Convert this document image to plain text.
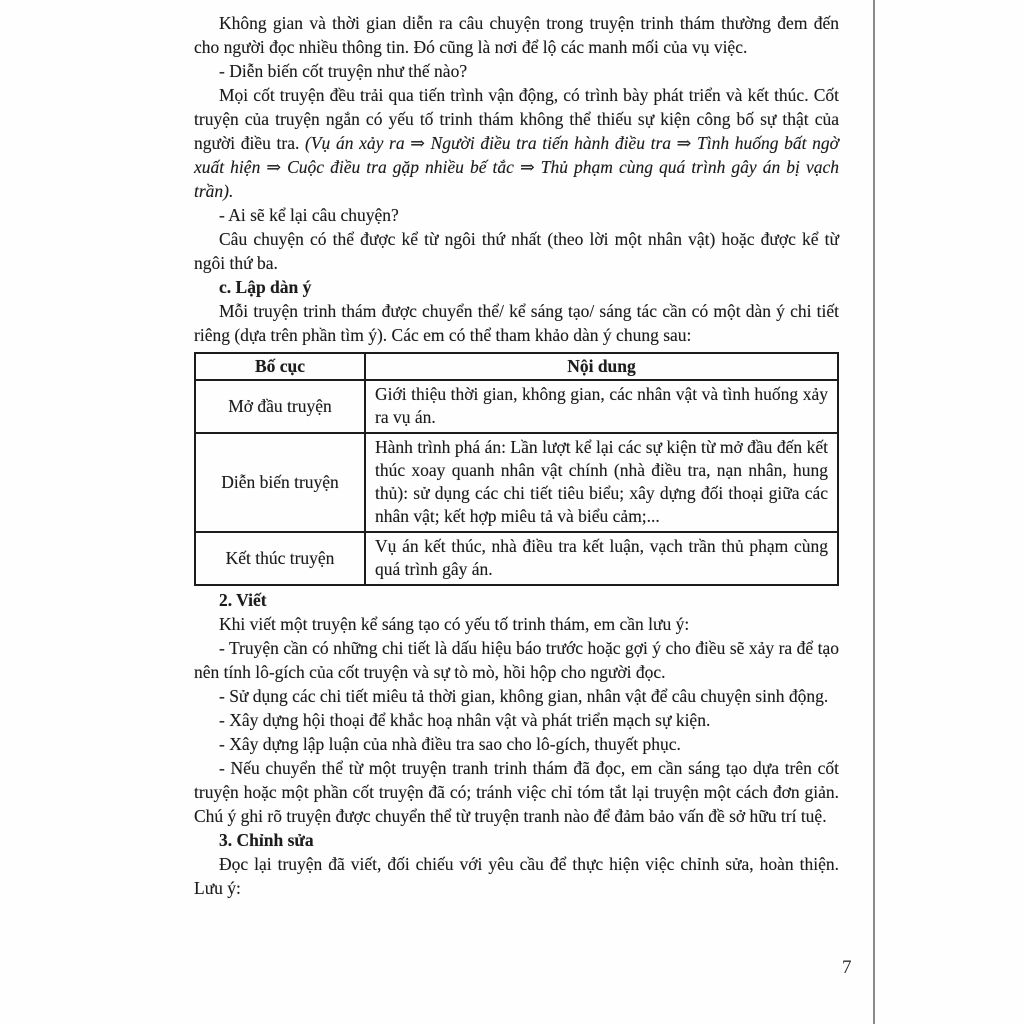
Không gian và thời gian diễn ra câu chuyện trong truyện trinh thám thường đem đến cho người đọc nhiều thông tin. Đó cũng là nơi để lộ các manh mối của vụ việc.

- Diễn biến cốt truyện như thế nào?

Mọi cốt truyện đều trải qua tiến trình vận động, có trình bày phát triển và kết thúc. Cốt truyện của truyện ngắn có yếu tố trinh thám không thể thiếu sự kiện công bố sự thật của người điều tra. (Vụ án xảy ra ⇒ Người điều tra tiến hành điều tra ⇒ Tình huống bất ngờ xuất hiện ⇒ Cuộc điều tra gặp nhiều bế tắc ⇒ Thủ phạm cùng quá trình gây án bị vạch trần).

- Ai sẽ kể lại câu chuyện?

Câu chuyện có thể được kể từ ngôi thứ nhất (theo lời một nhân vật) hoặc được kể từ ngôi thứ ba.

c. Lập dàn ý

Mỗi truyện trinh thám được chuyển thể/ kể sáng tạo/ sáng tác cần có một dàn ý chi tiết riêng (dựa trên phần tìm ý). Các em có thể tham khảo dàn ý chung sau:

Bố cục	Nội dung
Mở đầu truyện	Giới thiệu thời gian, không gian, các nhân vật và tình huống xảy ra vụ án.
Diễn biến truyện	Hành trình phá án: Lần lượt kể lại các sự kiện từ mở đầu đến kết thúc xoay quanh nhân vật chính (nhà điều tra, nạn nhân, hung thủ): sử dụng các chi tiết tiêu biểu; xây dựng đối thoại giữa các nhân vật; kết hợp miêu tả và biểu cảm;...
Kết thúc truyện	Vụ án kết thúc, nhà điều tra kết luận, vạch trần thủ phạm cùng quá trình gây án.

2. Viết

Khi viết một truyện kể sáng tạo có yếu tố trinh thám, em cần lưu ý:

- Truyện cần có những chi tiết là dấu hiệu báo trước hoặc gợi ý cho điều sẽ xảy ra để tạo nên tính lô-gích của cốt truyện và sự tò mò, hồi hộp cho người đọc.

- Sử dụng các chi tiết miêu tả thời gian, không gian, nhân vật để câu chuyện sinh động.

- Xây dựng hội thoại để khắc hoạ nhân vật và phát triển mạch sự kiện.

- Xây dựng lập luận của nhà điều tra sao cho lô-gích, thuyết phục.

- Nếu chuyển thể từ một truyện tranh trinh thám đã đọc, em cần sáng tạo dựa trên cốt truyện hoặc một phần cốt truyện đã có; tránh việc chỉ tóm tắt lại truyện một cách đơn giản. Chú ý ghi rõ truyện được chuyển thể từ truyện tranh nào để đảm bảo vấn đề sở hữu trí tuệ.

3. Chỉnh sửa

Đọc lại truyện đã viết, đối chiếu với yêu cầu để thực hiện việc chỉnh sửa, hoàn thiện. Lưu ý:

7
